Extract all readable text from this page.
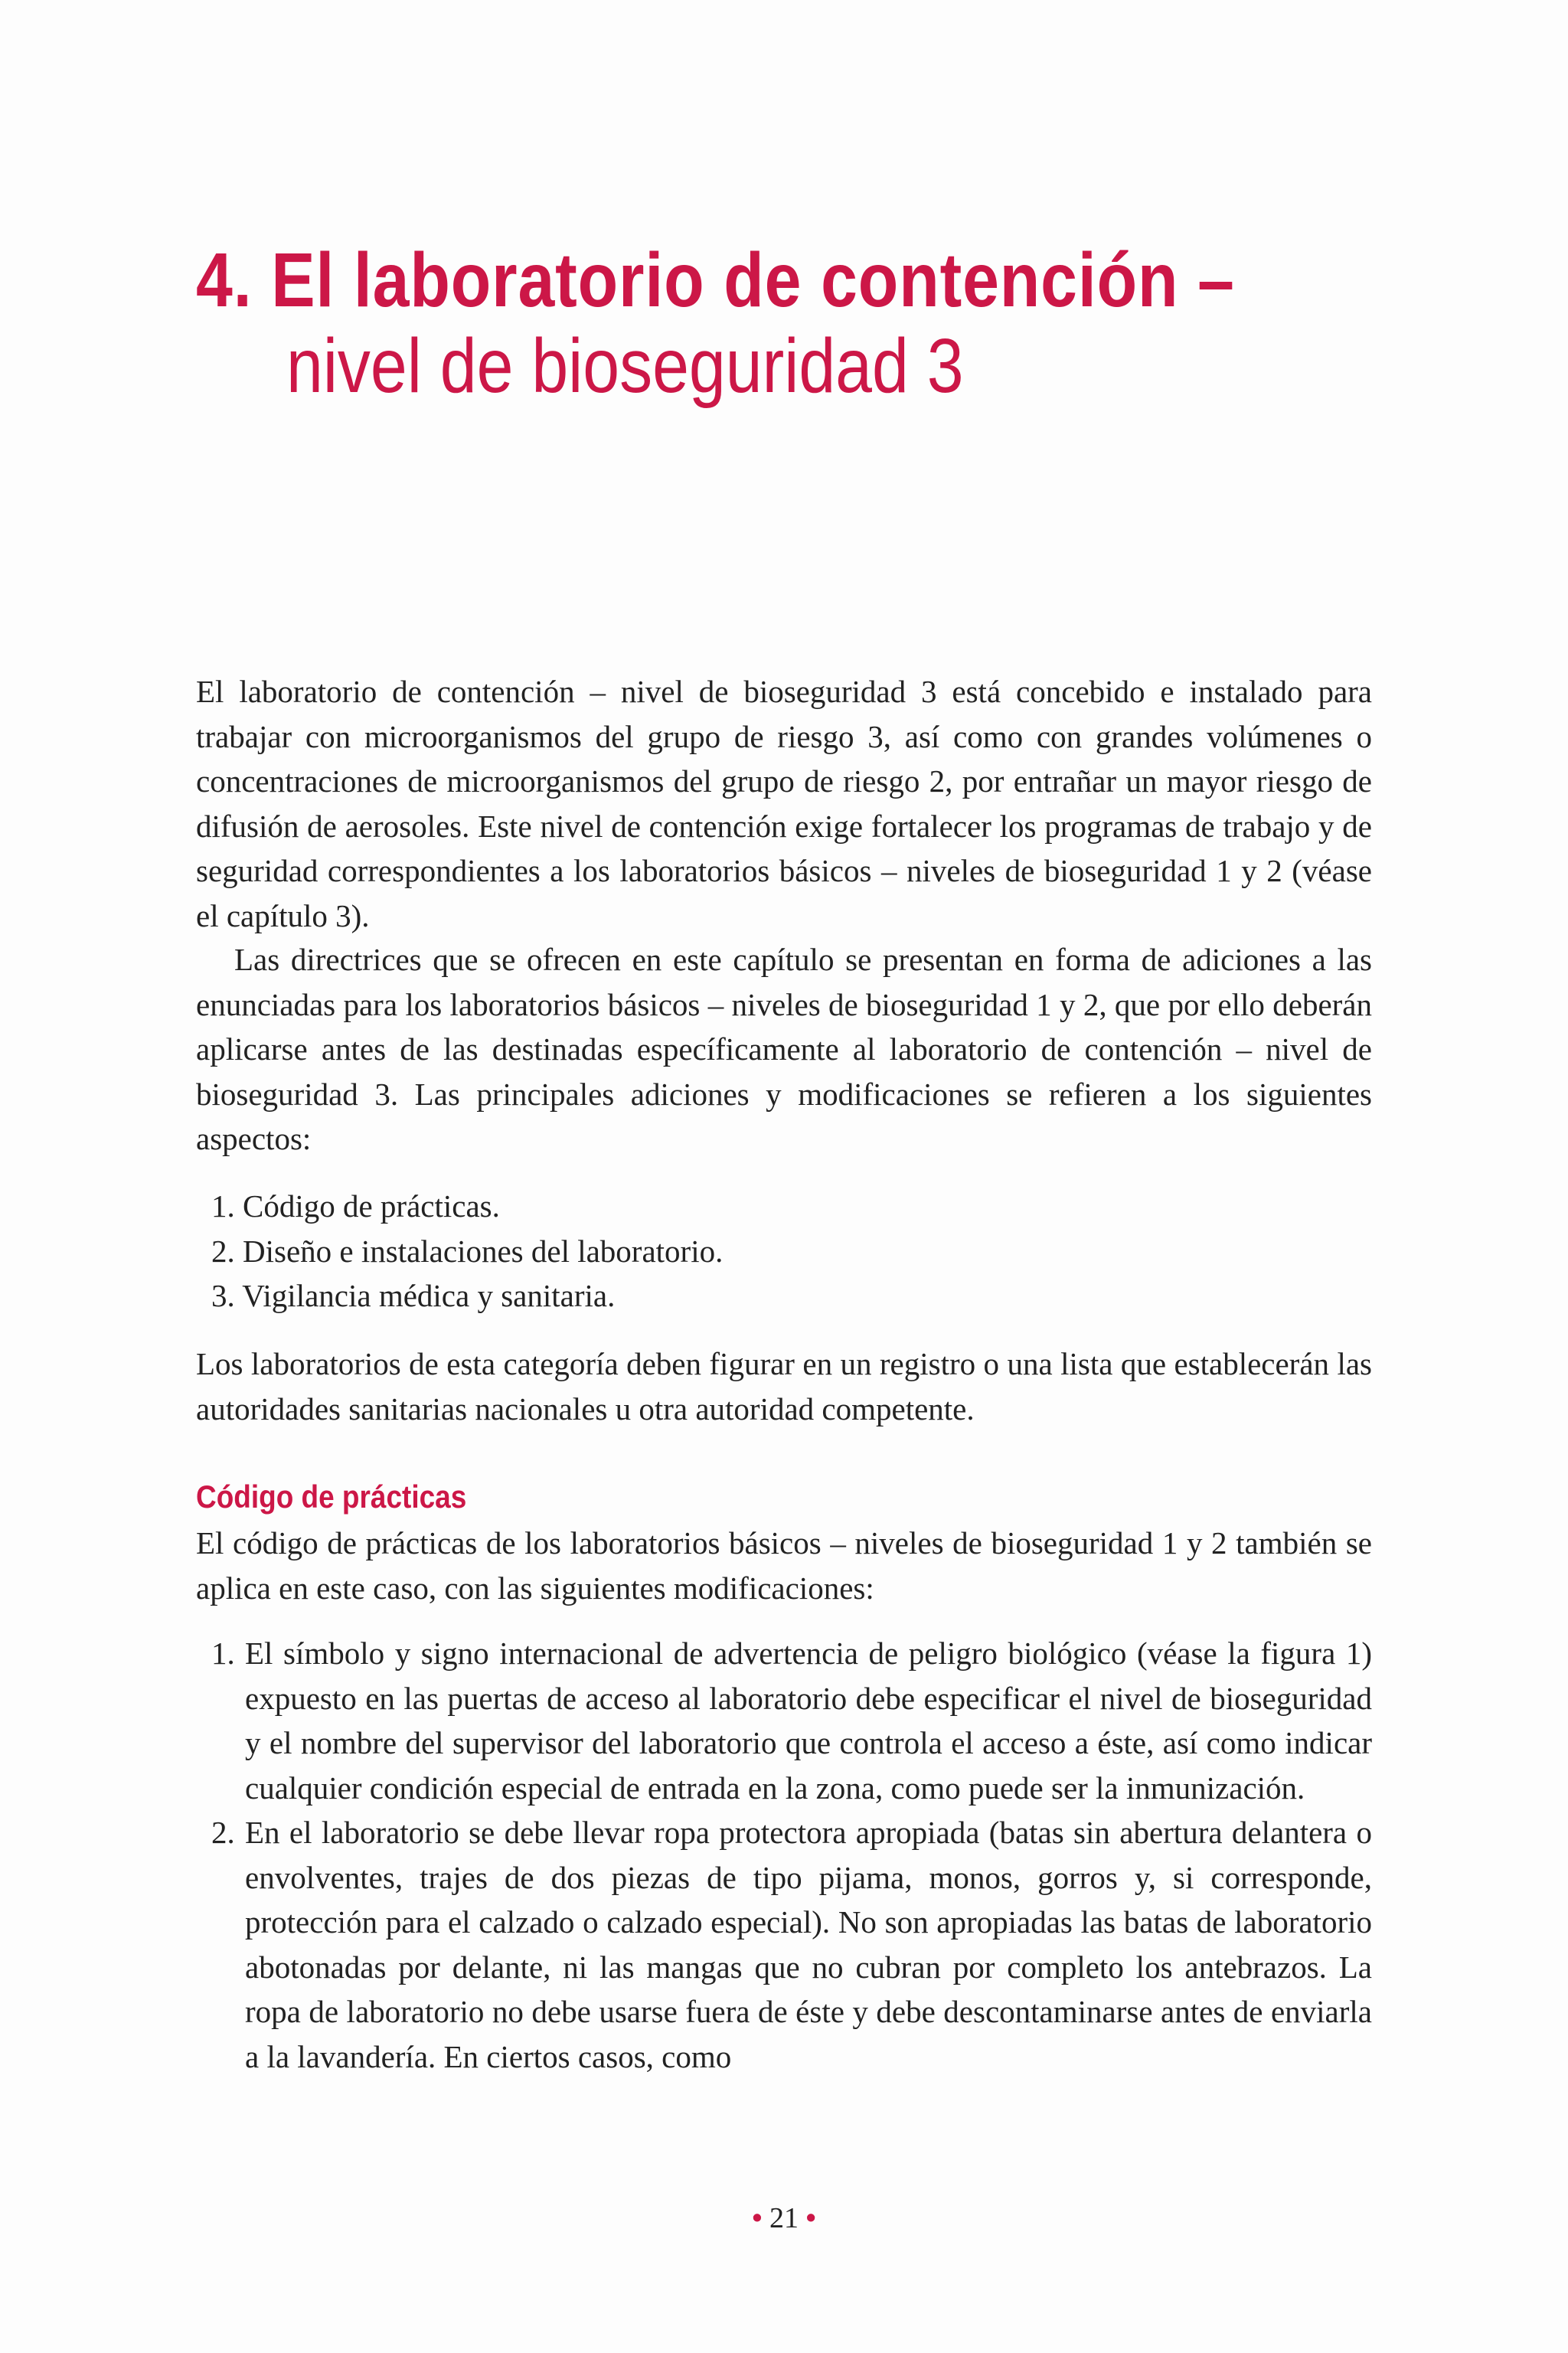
4. El laboratorio de contención –
nivel de bioseguridad 3

El laboratorio de contención – nivel de bioseguridad 3 está concebido e instalado para trabajar con microorganismos del grupo de riesgo 3, así como con grandes volúmenes o concentraciones de microorganismos del grupo de riesgo 2, por entrañar un mayor riesgo de difusión de aerosoles. Este nivel de contención exige fortalecer los programas de trabajo y de seguridad correspondientes a los laboratorios básicos – niveles de bioseguridad 1 y 2 (véase el capítulo 3).

Las directrices que se ofrecen en este capítulo se presentan en forma de adiciones a las enunciadas para los laboratorios básicos – niveles de bioseguridad 1 y 2, que por ello deberán aplicarse antes de las destinadas específicamente al laboratorio de contención – nivel de bioseguridad 3. Las principales adiciones y modificaciones se refieren a los siguientes aspectos:

1. Código de prácticas.
2. Diseño e instalaciones del laboratorio.
3. Vigilancia médica y sanitaria.

Los laboratorios de esta categoría deben figurar en un registro o una lista que establecerán las autoridades sanitarias nacionales u otra autoridad competente.

Código de prácticas

El código de prácticas de los laboratorios básicos – niveles de bioseguridad 1 y 2 también se aplica en este caso, con las siguientes modificaciones:

1. El símbolo y signo internacional de advertencia de peligro biológico (véase la figura 1) expuesto en las puertas de acceso al laboratorio debe especificar el nivel de bioseguridad y el nombre del supervisor del laboratorio que controla el acceso a éste, así como indicar cualquier condición especial de entrada en la zona, como puede ser la inmunización.
2. En el laboratorio se debe llevar ropa protectora apropiada (batas sin abertura delantera o envolventes, trajes de dos piezas de tipo pijama, monos, gorros y, si corresponde, protección para el calzado o calzado especial). No son apropiadas las batas de laboratorio abotonadas por delante, ni las mangas que no cubran por completo los antebrazos. La ropa de laboratorio no debe usarse fuera de éste y debe descontaminarse antes de enviarla a la lavandería. En ciertos casos, como
• 21 •
